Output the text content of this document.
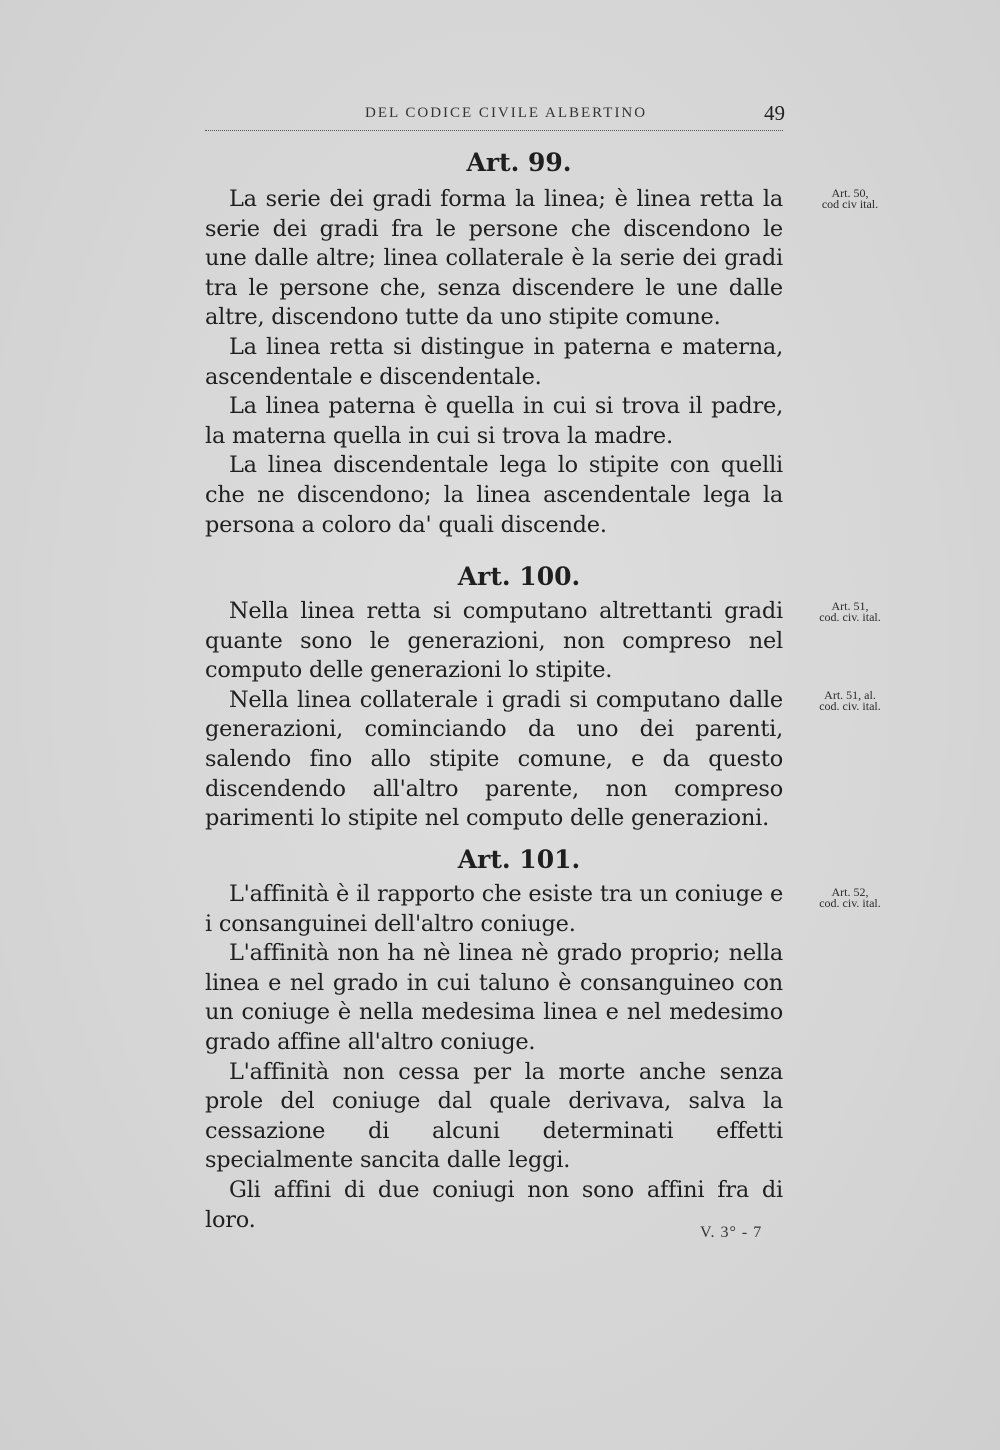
DEL CODICE CIVILE ALBERTINO	49
Art. 99.

La serie dei gradi forma la linea; è linea retta la serie dei gradi fra le persone che discendono le une dalle altre; linea collaterale è la serie dei gradi tra le persone che, senza discendere le une dalle altre, discendono tutte da uno stipite comune.

La linea retta si distingue in paterna e materna, ascendentale e discendentale.

La linea paterna è quella in cui si trova il padre, la materna quella in cui si trova la madre.

La linea discendentale lega lo stipite con quelli che ne discendono; la linea ascendentale lega la persona a coloro da' quali discende.

Art. 100.

Nella linea retta si computano altrettanti gradi quante sono le generazioni, non compreso nel computo delle generazioni lo stipite.

Nella linea collaterale i gradi si computano dalle generazioni, cominciando da uno dei parenti, salendo fino allo stipite comune, e da questo discendendo all'altro parente, non compreso parimenti lo stipite nel computo delle generazioni.

Art. 101.

L'affinità è il rapporto che esiste tra un coniuge e i consanguinei dell'altro coniuge.

L'affinità non ha nè linea nè grado proprio; nella linea e nel grado in cui taluno è consanguineo con un coniuge è nella medesima linea e nel medesimo grado affine all'altro coniuge.

L'affinità non cessa per la morte anche senza prole del coniuge dal quale derivava, salva la cessazione di alcuni determinati effetti specialmente sancita dalle leggi.

Gli affini di due coniugi non sono affini fra di loro.

Art. 50,
cod civ ital.
Art. 51,
cod. civ. ital.
Art. 51, al.
cod. civ. ital.
Art. 52,
cod. civ. ital.
V. 3° - 7
